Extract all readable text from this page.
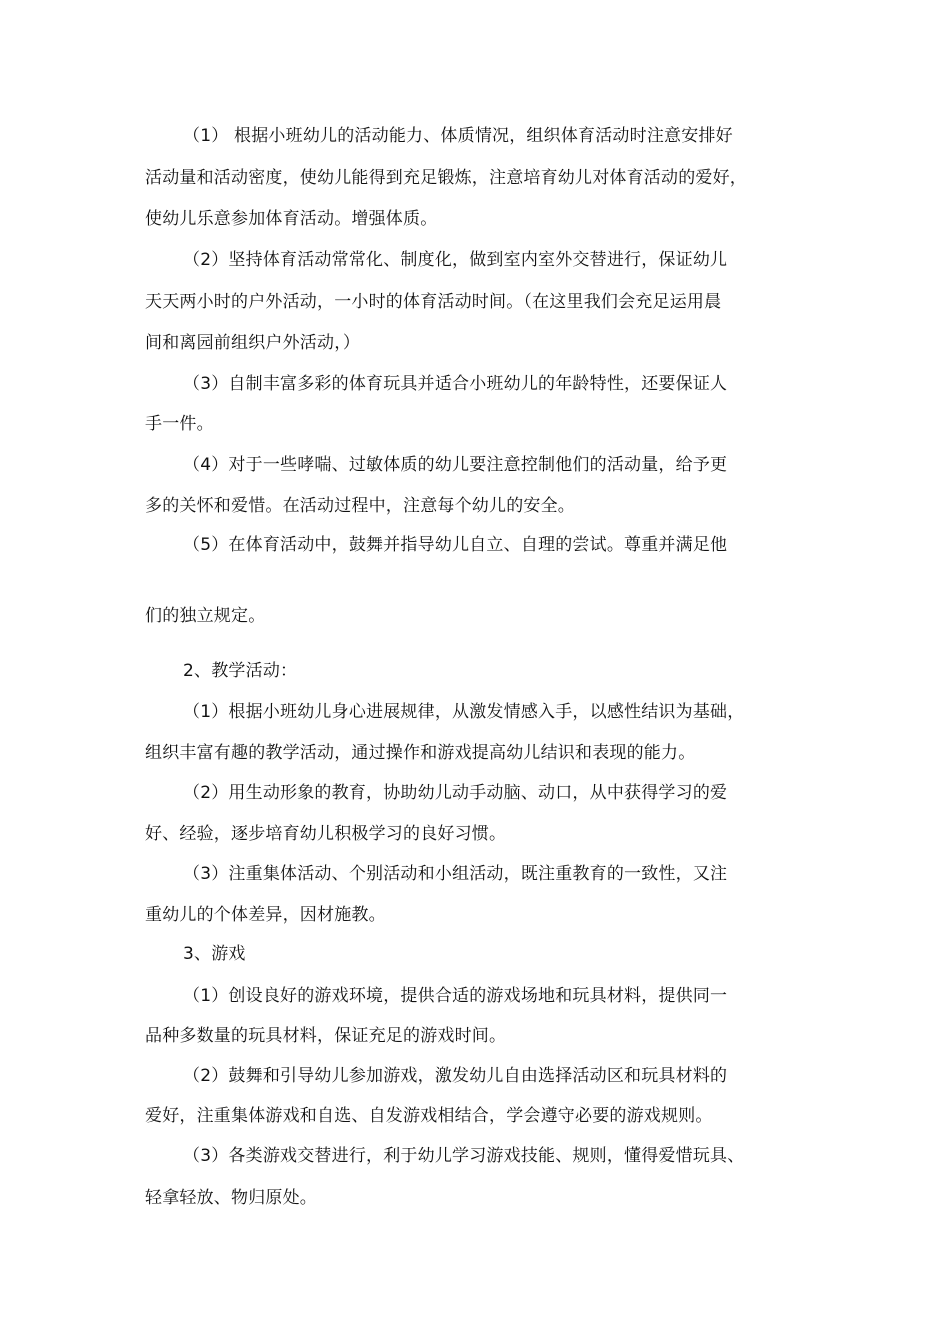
（1） 根据小班幼儿的活动能力、体质情况，组织体育活动时注意安排好
活动量和活动密度，使幼儿能得到充足锻炼，注意培育幼儿对体育活动的爱好，
使幼儿乐意参加体育活动。增强体质。
（2）坚持体育活动常常化、制度化，做到室内室外交替进行，保证幼儿
天天两小时的户外活动，一小时的体育活动时间。（在这里我们会充足运用晨
间和离园前组织户外活动，）
（3）自制丰富多彩的体育玩具并适合小班幼儿的年龄特性，还要保证人
手一件。
（4）对于一些哮喘、过敏体质的幼儿要注意控制他们的活动量，给予更
多的关怀和爱惜。在活动过程中，注意每个幼儿的安全。
（5）在体育活动中，鼓舞并指导幼儿自立、自理的尝试。尊重并满足他
们的独立规定。
2、教学活动：
（1）根据小班幼儿身心进展规律，从激发情感入手，以感性结识为基础，
组织丰富有趣的教学活动，通过操作和游戏提高幼儿结识和表现的能力。
（2）用生动形象的教育，协助幼儿动手动脑、动口，从中获得学习的爱
好、经验，逐步培育幼儿积极学习的良好习惯。
（3）注重集体活动、个别活动和小组活动，既注重教育的一致性，又注
重幼儿的个体差异，因材施教。
3、游戏
（1）创设良好的游戏环境，提供合适的游戏场地和玩具材料，提供同一
品种多数量的玩具材料，保证充足的游戏时间。
（2）鼓舞和引导幼儿参加游戏，激发幼儿自由选择活动区和玩具材料的
爱好，注重集体游戏和自选、自发游戏相结合，学会遵守必要的游戏规则。
（3）各类游戏交替进行，利于幼儿学习游戏技能、规则，懂得爱惜玩具、
轻拿轻放、物归原处。
